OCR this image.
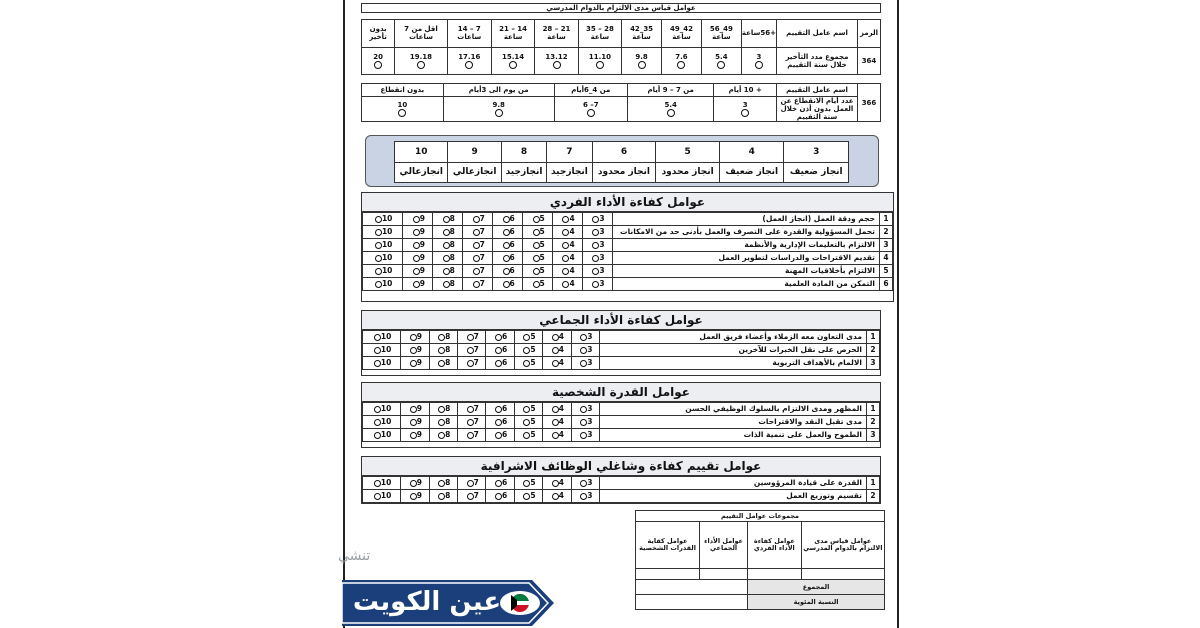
عوامل قياس مدى الالتزام بالدوام المدرسي
الرمز	اسم عامل التقييم	+56ساعة	49_56 ساعة	42_49 ساعة	35_42 ساعة	28 – 35 ساعة	21 – 28 ساعة	14 – 21 ساعة	7 – 14 ساعات	اقل من 7 ساعات	بدون تأخير
364	مجموع مدد التأخير خلال سنة التقييم	3	5.4	7.6	9.8	11.10	13.12	15.14	17.16	19.18	20
366	اسم عامل التقييم	+ 10 أيام	من 7 – 9 أيام	من 4_6أيام	من يوم الى 3أيام	بدون انقطاع
	عدد أيام الانقطاع عن العمل بدون أذن خلال سنة التقييم	3	5.4	7– 6	9.8	10
3	4	5	6	7	8	9	10
انجاز ضعيف	انجاز ضعيف	انجاز محدود	انجاز محدود	انجازجيد	انجازجيد	انجازعالي	انجازعالي
عوامل كفاءة الأداء الفردي
1	حجم ودقة العمل (انجاز العمل)	3	4	5	6	7	8	9	10
2	تحمل المسؤولية والقدرة على التصرف والعمل بأدنى حد من الامكانات	3	4	5	6	7	8	9	10
3	الالتزام بالتعليمات الإدارية والأنظمة	3	4	5	6	7	8	9	10
4	تقديم الاقتراحات والدراسات لتطوير العمل	3	4	5	6	7	8	9	10
5	الالتزام بأخلاقيات المهنة	3	4	5	6	7	8	9	10
6	التمكن من المادة العلمية	3	4	5	6	7	8	9	10
عوامل كفاءة الأداء الجماعي
1	مدى التعاون معه الزملاء وأعضاء فريق العمل	3	4	5	6	7	8	9	10
2	الحرص على نقل الخبرات للآخرين	3	4	5	6	7	8	9	10
3	الالمام بالأهداف التربوية	3	4	5	6	7	8	9	10
عوامل القدرة الشخصية
1	المظهر ومدى الالتزام بالسلوك الوظيفي الحسن	3	4	5	6	7	8	9	10
2	مدى تقبل النقد والاقتراحات	3	4	5	6	7	8	9	10
3	الطموح والعمل على تنمية الذات	3	4	5	6	7	8	9	10
عوامل تقييم كفاءة وشاغلي الوظائف الاشرافية
1	القدرة على قيادة المرؤوسين	3	4	5	6	7	8	9	10
2	تقسيم وتوزيع العمل	3	4	5	6	7	8	9	10
مجموعات عوامل التقييم			
عوامل قياس مدى الالتزام بالدوام المدرسي	عوامل كفاءة الأداء الفردي	عوامل الأداء الجماعي	عوامل كفاية القدرات الشخصية

المجموع			
النسبة المئوية			
تنشي
عين الكويت
